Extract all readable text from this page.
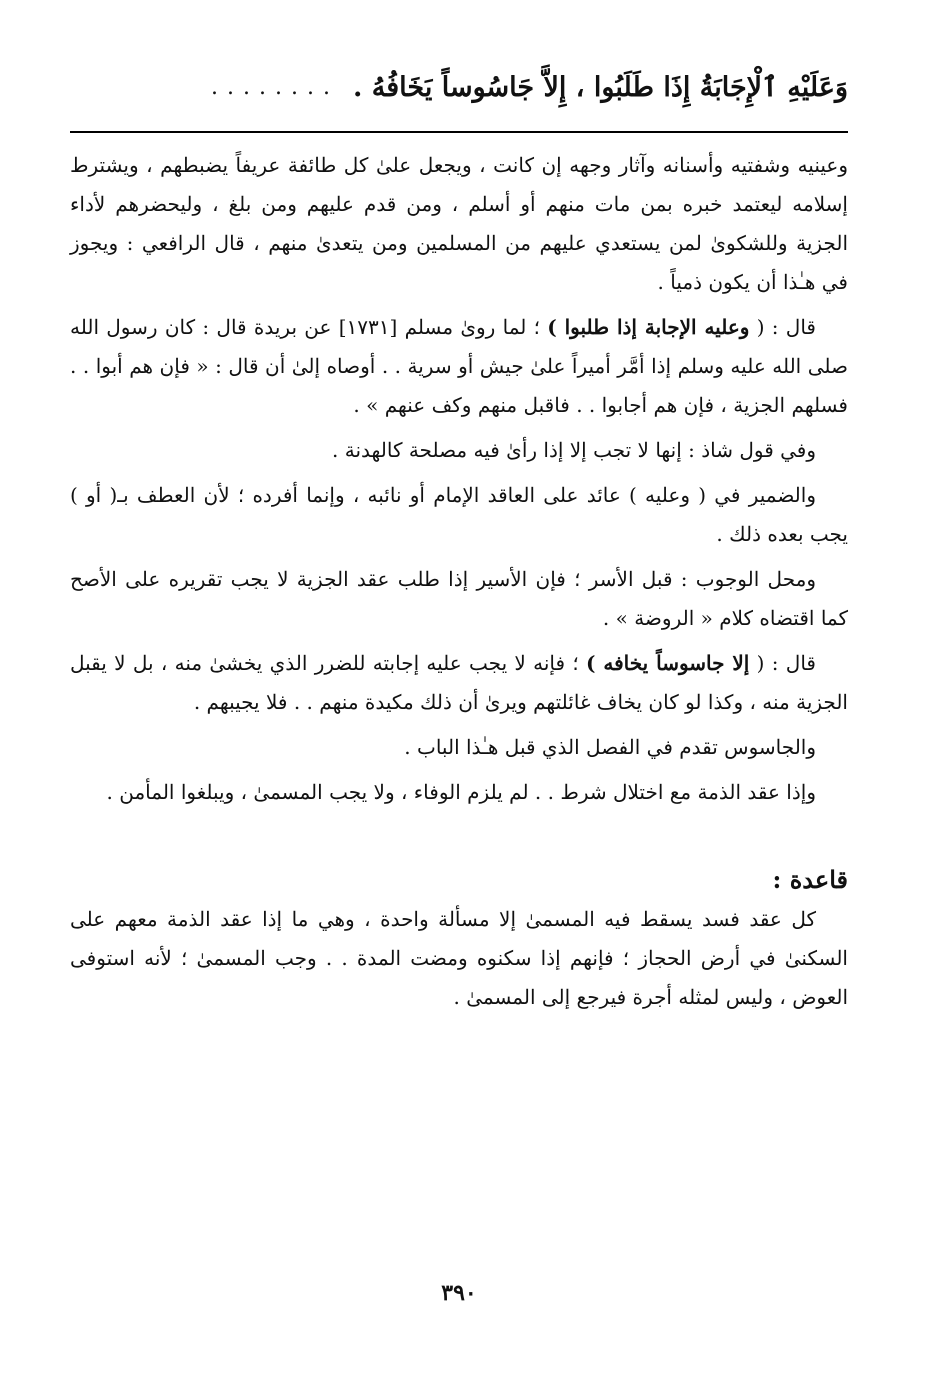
وَعَلَيْهِ ٱلْإِجَابَةُ إِذَا طَلَبُوا ، إِلاَّ جَاسُوساً يَخَافُهُ .
........

وعينيه وشفتيه وأسنانه وآثار وجهه إن كانت ، ويجعل علىٰ كل طائفة عريفاً يضبطهم ، ويشترط إسلامه ليعتمد خبره بمن مات منهم أو أسلم ، ومن قدم عليهم ومن بلغ ، وليحضرهم لأداء الجزية وللشكوىٰ لمن يستعدي عليهم من المسلمين ومن يتعدىٰ منهم ، قال الرافعي : ويجوز في هـٰذا أن يكون ذمياً .

قال : ( وعليه الإجابة إذا طلبوا ) ؛ لما روىٰ مسلم [١٧٣١] عن بريدة قال : كان رسول الله صلى الله عليه وسلم إذا أمَّر أميراً علىٰ جيش أو سرية . . أوصاه إلىٰ أن قال : « فإن هم أبوا . . فسلهم الجزية ، فإن هم أجابوا . . فاقبل منهم وكف عنهم » .

وفي قول شاذ : إنها لا تجب إلا إذا رأىٰ فيه مصلحة كالهدنة .

والضمير في ( وعليه ) عائد على العاقد الإمام أو نائبه ، وإنما أفرده ؛ لأن العطف بـ( أو ) يجب بعده ذلك .

ومحل الوجوب : قبل الأسر ؛ فإن الأسير إذا طلب عقد الجزية لا يجب تقريره على الأصح كما اقتضاه كلام « الروضة » .

قال : ( إلا جاسوساً يخافه ) ؛ فإنه لا يجب عليه إجابته للضرر الذي يخشىٰ منه ، بل لا يقبل الجزية منه ، وكذا لو كان يخاف غائلتهم ويرىٰ أن ذلك مكيدة منهم . . فلا يجيبهم .

والجاسوس تقدم في الفصل الذي قبل هـٰذا الباب .

وإذا عقد الذمة مع اختلال شرط . . لم يلزم الوفاء ، ولا يجب المسمىٰ ، ويبلغوا المأمن .

قاعدة :

كل عقد فسد يسقط فيه المسمىٰ إلا مسألة واحدة ، وهي ما إذا عقد الذمة معهم على السكنىٰ في أرض الحجاز ؛ فإنهم إذا سكنوه ومضت المدة . . وجب المسمىٰ ؛ لأنه استوفى العوض ، وليس لمثله أجرة فيرجع إلى المسمىٰ .

٣٩٠
